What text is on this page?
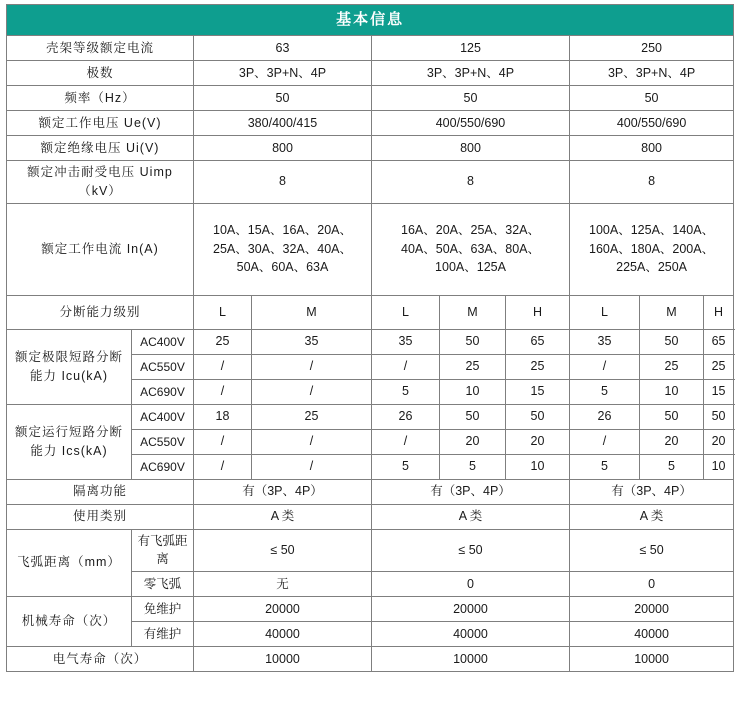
基本信息									
壳架等级额定电流		63		125			250		
极数		3P、3P+N、4P		3P、3P+N、4P			3P、3P+N、4P		
频率（Hz）		50		50			50		
额定工作电压 Ue(V)		380/400/415		400/550/690			400/550/690		
额定绝缘电压 Ui(V)		800		800			800		
额定冲击耐受电压 Uimp（kV）		8		8			8		
额定工作电流 In(A)		10A、15A、16A、20A、25A、30A、32A、40A、50A、60A、63A		16A、20A、25A、32A、40A、50A、63A、80A、100A、125A			100A、125A、140A、160A、180A、200A、225A、250A		
分断能力级别		L	M	L	M	H	L	M	H
额定极限短路分断能力 Icu(kA)	AC400V	25	35	35	50	65	35	50	65
	AC550V	/	/	/	25	25	/	25	25
	AC690V	/	/	5	10	15	5	10	15
额定运行短路分断能力 Ics(kA)	AC400V	18	25	26	50	50	26	50	50
	AC550V	/	/	/	20	20	/	20	20
	AC690V	/	/	5	5	10	5	5	10
隔离功能		有（3P、4P）		有（3P、4P）			有（3P、4P）		
使用类别		A 类		A 类			A 类		
飞弧距离（mm）	有飞弧距离	≤ 50		≤ 50			≤ 50		
	零飞弧	无		0			0		
机械寿命（次）	免维护	20000		20000			20000		
	有维护	40000		40000			40000		
电气寿命（次）		10000		10000			10000		
